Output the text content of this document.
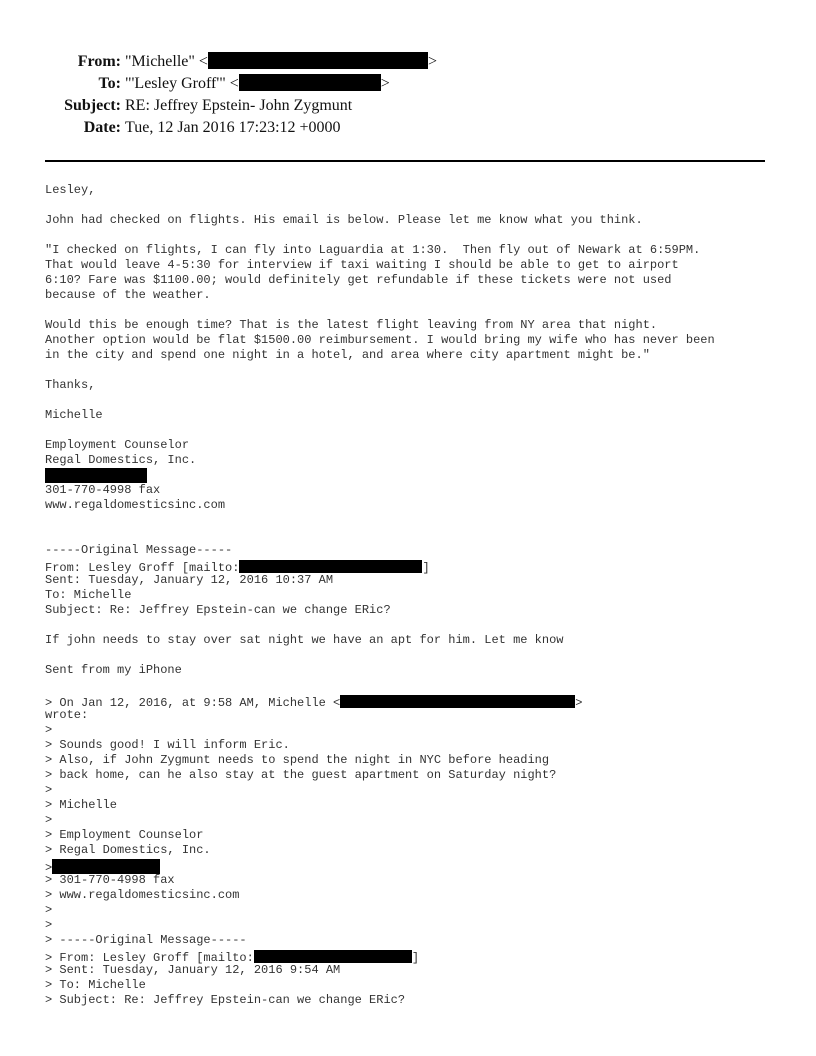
From: "Michelle" <	>
To: "'Lesley Groff'" <	>
Subject: RE: Jeffrey Epstein- John Zygmunt
Date: Tue, 12 Jan 2016 17:23:12 +0000
Lesley,
John had checked on flights. His email is below. Please let me know what you think.
"I checked on flights, I can fly into Laguardia at 1:30.  Then fly out of Newark at 6:59PM.
That would leave 4-5:30 for interview if taxi waiting I should be able to get to airport
6:10? Fare was $1100.00; would definitely get refundable if these tickets were not used
because of the weather.
Would this be enough time? That is the latest flight leaving from NY area that night.
Another option would be flat $1500.00 reimbursement. I would bring my wife who has never been
in the city and spend one night in a hotel, and area where city apartment might be."
Thanks,
Michelle
Employment Counselor
Regal Domestics, Inc.
301-770-4998 fax
www.regaldomesticsinc.com
-----Original Message-----
From: Lesley Groff [mailto:	]
Sent: Tuesday, January 12, 2016 10:37 AM
To: Michelle
Subject: Re: Jeffrey Epstein-can we change ERic?
If john needs to stay over sat night we have an apt for him. Let me know
Sent from my iPhone
> On Jan 12, 2016, at 9:58 AM, Michelle <	>
wrote:
>
> Sounds good! I will inform Eric.
> Also, if John Zygmunt needs to spend the night in NYC before heading
> back home, can he also stay at the guest apartment on Saturday night?
>
> Michelle
>
> Employment Counselor
> Regal Domestics, Inc.
>
> 301-770-4998 fax
> www.regaldomesticsinc.com
>
>
> -----Original Message-----
> From: Lesley Groff [mailto:	]
> Sent: Tuesday, January 12, 2016 9:54 AM
> To: Michelle
> Subject: Re: Jeffrey Epstein-can we change ERic?
